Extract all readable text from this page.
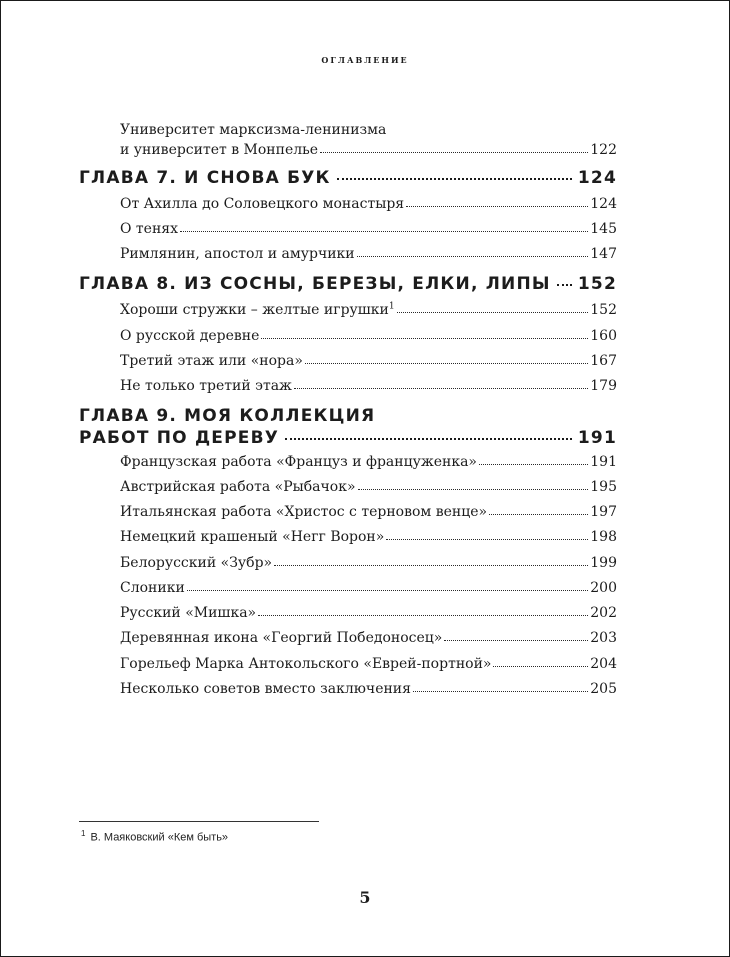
оглавление
Университет марксизма-ленинизма
и университет в Монпелье	122
ГЛАВА 7. И СНОВА БУК	124
От Ахилла до Соловецкого монастыря	124
О тенях	145
Римлянин, апостол и амурчики	147
ГЛАВА 8. ИЗ СОСНЫ, БЕРЕЗЫ, ЕЛКИ, ЛИПЫ 152
Хороши стружки – желтые игрушки$^1$	152
О русской деревне	160
Третий этаж или «нора»	167
Не только третий этаж	179
ГЛАВА 9. МОЯ КОЛЛЕКЦИЯ
РАБОТ ПО ДЕРЕВУ	191
Французская работа «Француз и француженка»	191
Австрийская работа «Рыбачок»	195
Итальянская работа «Христос с терновом венце»	197
Немецкий крашеный «Негг Ворон»	198
Белорусский «Зубр»	199
Слоники	200
Русский «Мишка»	202
Деревянная икона «Георгий Победоносец»	203
Горельеф Марка Антокольского «Еврей-портной»	204
Несколько советов вместо заключения	205
$^1$ В. Маяковский «Кем быть»
5
